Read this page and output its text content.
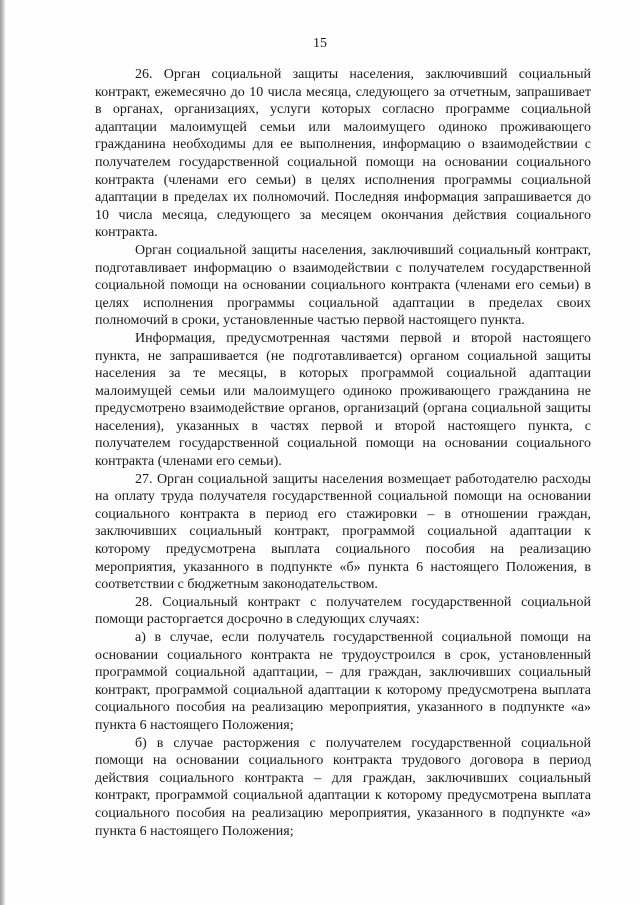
15

26. Орган социальной защиты населения, заключивший социальный контракт, ежемесячно до 10 числа месяца, следующего за отчетным, запрашивает в органах, организациях, услуги которых согласно программе социальной адаптации малоимущей семьи или малоимущего одиноко проживающего гражданина необходимы для ее выполнения, информацию о взаимодействии с получателем государственной социальной помощи на основании социального контракта (членами его семьи) в целях исполнения программы социальной адаптации в пределах их полномочий. Последняя информация запрашивается до 10 числа месяца, следующего за месяцем окончания действия социального контракта.

Орган социальной защиты населения, заключивший социальный контракт, подготавливает информацию о взаимодействии с получателем государственной социальной помощи на основании социального контракта (членами его семьи) в целях исполнения программы социальной адаптации в пределах своих полномочий в сроки, установленные частью первой настоящего пункта.

Информация, предусмотренная частями первой и второй настоящего пункта, не запрашивается (не подготавливается) органом социальной защиты населения за те месяцы, в которых программой социальной адаптации малоимущей семьи или малоимущего одиноко проживающего гражданина не предусмотрено взаимодействие органов, организаций (органа социальной защиты населения), указанных в частях первой и второй настоящего пункта, с получателем государственной социальной помощи на основании социального контракта (членами его семьи).

27. Орган социальной защиты населения возмещает работодателю расходы на оплату труда получателя государственной социальной помощи на основании социального контракта в период его стажировки – в отношении граждан, заключивших социальный контракт, программой социальной адаптации к которому предусмотрена выплата социального пособия на реализацию мероприятия, указанного в подпункте «б» пункта 6 настоящего Положения, в соответствии с бюджетным законодательством.

28. Социальный контракт с получателем государственной социальной помощи расторгается досрочно в следующих случаях:

а) в случае, если получатель государственной социальной помощи на основании социального контракта не трудоустроился в срок, установленный программой социальной адаптации, – для граждан, заключивших социальный контракт, программой социальной адаптации к которому предусмотрена выплата социального пособия на реализацию мероприятия, указанного в подпункте «а» пункта 6 настоящего Положения;

б) в случае расторжения с получателем государственной социальной помощи на основании социального контракта трудового договора в период действия социального контракта – для граждан, заключивших социальный контракт, программой социальной адаптации к которому предусмотрена выплата социального пособия на реализацию мероприятия, указанного в подпункте «а» пункта 6 настоящего Положения;
